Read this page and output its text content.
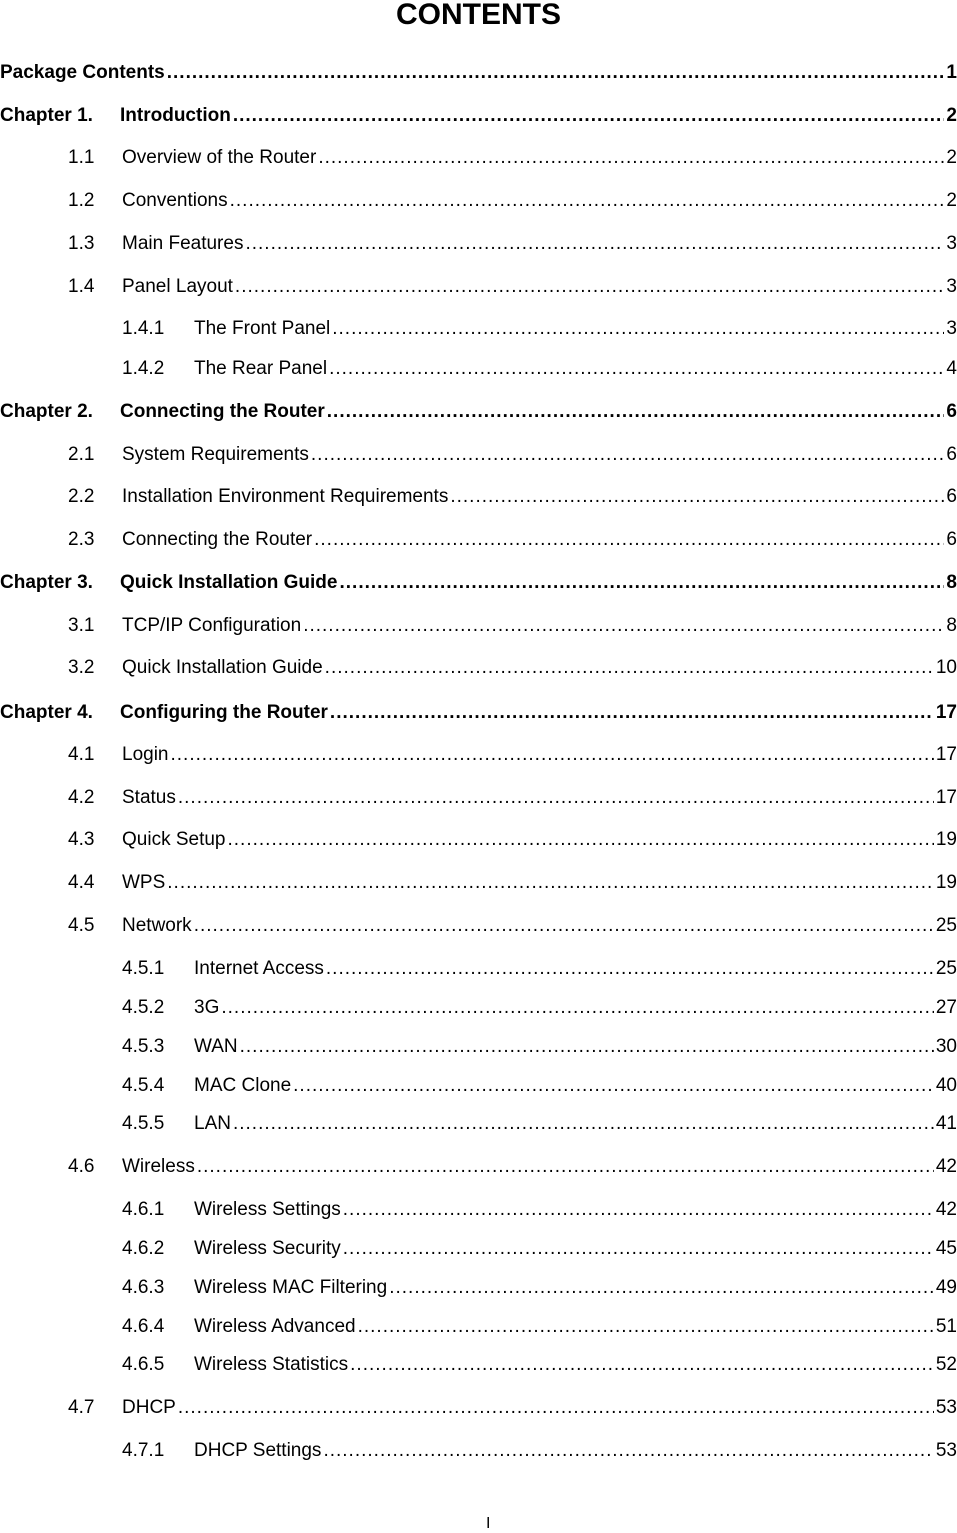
CONTENTS
Package Contents .....	1
Chapter 1.	Introduction .....	2
1.1	Overview of the Router .....	2
1.2	Conventions .....	2
1.3	Main Features .....	3
1.4	Panel Layout .....	3
1.4.1	The Front Panel .....	3
1.4.2	The Rear Panel .....	4
Chapter 2.	Connecting the Router .....	6
2.1	System Requirements .....	6
2.2	Installation Environment Requirements .....	6
2.3	Connecting the Router .....	6
Chapter 3.	Quick Installation Guide .....	8
3.1	TCP/IP Configuration .....	8
3.2	Quick Installation Guide .....	10
Chapter 4.	Configuring the Router .....	17
4.1	Login .....	17
4.2	Status .....	17
4.3	Quick Setup .....	19
4.4	WPS .....	19
4.5	Network .....	25
4.5.1	Internet Access .....	25
4.5.2	3G .....	27
4.5.3	WAN .....	30
4.5.4	MAC Clone .....	40
4.5.5	LAN .....	41
4.6	Wireless .....	42
4.6.1	Wireless Settings .....	42
4.6.2	Wireless Security .....	45
4.6.3	Wireless MAC Filtering .....	49
4.6.4	Wireless Advanced .....	51
4.6.5	Wireless Statistics .....	52
4.7	DHCP .....	53
4.7.1	DHCP Settings .....	53
I
